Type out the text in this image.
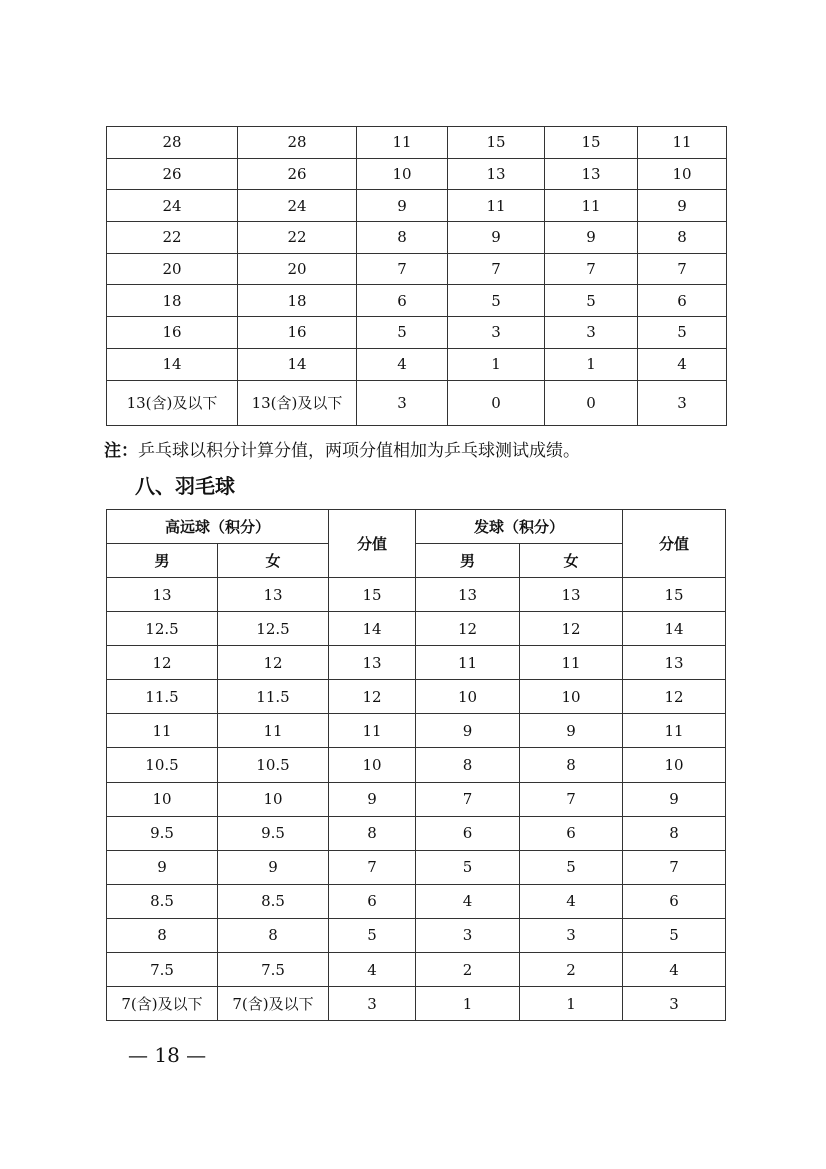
28	28	11	15	15	11
26	26	10	13	13	10
24	24	9	11	11	9
22	22	8	9	9	8
20	20	7	7	7	7
18	18	6	5	5	6
16	16	5	3	3	5
14	14	4	1	1	4
13(含)及以下	13(含)及以下	3	0	0	3
注：乒乓球以积分计算分值，两项分值相加为乒乓球测试成绩。
八、羽毛球
高远球（积分）		分值	发球（积分）		分值
男	女		男	女	
13	13	15	13	13	15
12.5	12.5	14	12	12	14
12	12	13	11	11	13
11.5	11.5	12	10	10	12
11	11	11	9	9	11
10.5	10.5	10	8	8	10
10	10	9	7	7	9
9.5	9.5	8	6	6	8
9	9	7	5	5	7
8.5	8.5	6	4	4	6
8	8	5	3	3	5
7.5	7.5	4	2	2	4
7(含)及以下	7(含)及以下	3	1	1	3
— 18 —
